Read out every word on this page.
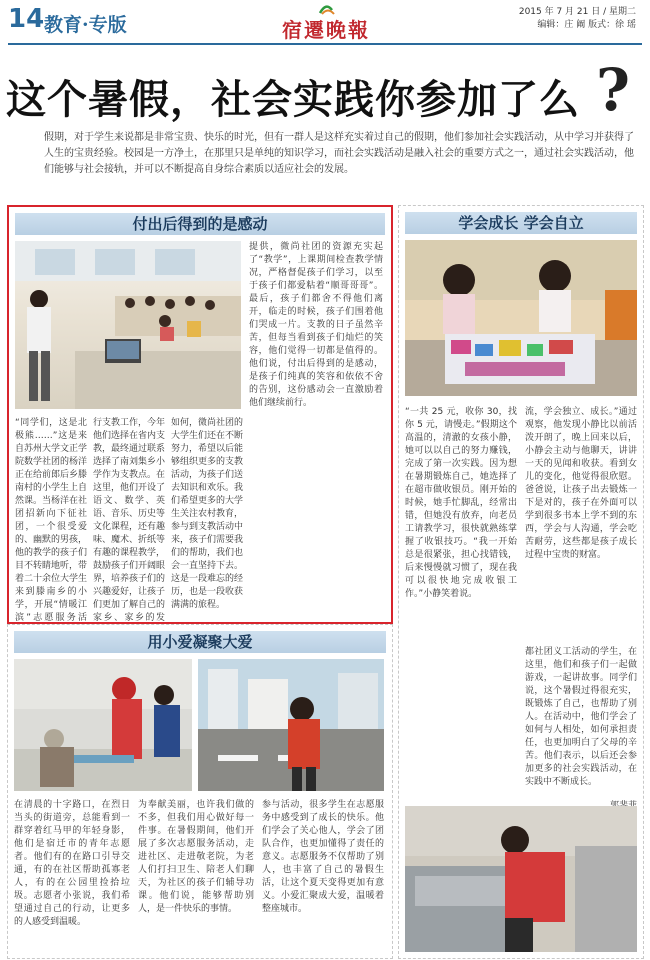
14 教育·专版	宿遷晚報
2015 年 7 月 21 日 / 星期二
编辑：庄 阚 版式：徐 瑶
这个暑假，社会实践你参加了么 ?
假期，对于学生来说都是非常宝贵、快乐的时光，但有一群人是这样充实着过自己的假期，他们参加社会实践活动，从中学习并获得了人生的宝贵经验。校园是一方净土，在那里只是单纯的知识学习，而社会实践活动是融入社会的重要方式之一，通过社会实践活动，他们能够与社会接轨，并可以不断提高自身综合素质以适应社会的发展。
付出后得到的是感动
提供，微尚社团的资源充实起了“教学”，上课期间检查教学情况，严格督促孩子们学习，以至于孩子们都爱粘着“顺哥哥哥”。最后，孩子们都舍不得他们离开，临走的时候，孩子们围着他们哭成一片。支教的日子虽然辛苦，但每当看到孩子们灿烂的笑容，他们觉得一切都是值得的。他们说，付出后得到的是感动，是孩子们纯真的笑容和依依不舍的告别，这份感动会一直激励着他们继续前行。
“同学们，这是北极熊……”这是来自苏州大学文正学院数学社团的杨洋正在给前郎后乡滕南村的小学生上自然课。当杨洋在社团招新向下征社团，一个很受爱的、幽默的男孩，他的教学的孩子们目不转睛地听，带着二十余位大学生来到滕南乡的小学，开展“情暖江滨”志愿服务活
行支教工作，今年他们选择在省内支教，最终通过联系选择了南刘集乡小学作为支教点。在这里，他们开设了语文、数学、英语、音乐、历史等文化课程，还有趣味、魔术、折纸等有趣的课程教学，鼓励孩子们开阔眼界，培养孩子们的兴趣爱好，让孩子们更加了解自己的家乡、家乡的发
如何，微尚社团的大学生们还在不断努力，希望以后能够组织更多的支教活动，为孩子们送去知识和欢乐。我们希望更多的大学生关注农村教育，参与到支教活动中来，孩子们需要我们的帮助，我们也会一直坚持下去。这是一段难忘的经历，也是一段收获满满的旅程。
学会成长 学会自立
“一共 25 元，收你 30，找你 5 元，请慢走。”假期这个高温的，清澈的女孩小静，她可以以自己的努力赚钱，完成了第一次实践。因为想在暑期锻炼自己，她选择了在超市做收银员。刚开始的时候，她手忙脚乱，经常出错，但她没有放弃，向老员工请教学习，很快就熟练掌握了收银技巧。“我一开始总是很紧张，担心找错钱，后来慢慢就习惯了，现在我可以很快地完成收银工作。”小静笑着说。
流，学会独立、成长。”通过观察，他发现小静比以前活泼开朗了，晚上回来以后，小静会主动与他聊天，讲讲一天的见闻和收获。看到女儿的变化，他觉得很欣慰。爸爸说，让孩子出去锻炼一下是对的，孩子在外面可以学到很多书本上学不到的东西，学会与人沟通，学会吃苦耐劳，这些都是孩子成长过程中宝贵的财富。
都社团义工活动的学生，在这里，他们和孩子们一起做游戏，一起讲故事。同学们说，这个暑假过得很充实，既锻炼了自己，也帮助了别人。在活动中，他们学会了如何与人相处，如何承担责任，也更加明白了父母的辛苦。他们表示，以后还会参加更多的社会实践活动，在实践中不断成长。
用小爱凝聚大爱
在清晨的十字路口，在烈日当头的街道旁，总能看到一群穿着红马甲的年轻身影，他们是宿迁市的青年志愿者。他们有的在路口引导交通，有的在社区帮助孤寡老人，有的在公园里捡拾垃圾。志愿者小张说，我们希望通过自己的行动，让更多的人感受到温暖。
为奉献美丽，也许我们做的不多，但我们用心做好每一件事。在暑假期间，他们开展了多次志愿服务活动，走进社区、走进敬老院，为老人们打扫卫生、陪老人们聊天，为社区的孩子们辅导功课。他们说，能够帮助别人，是一件快乐的事情。
参与活动，很多学生在志愿服务中感受到了成长的快乐。他们学会了关心他人，学会了团队合作，也更加懂得了责任的意义。志愿服务不仅帮助了别人，也丰富了自己的暑假生活，让这个夏天变得更加有意义。小爱汇聚成大爱，温暖着整座城市。
